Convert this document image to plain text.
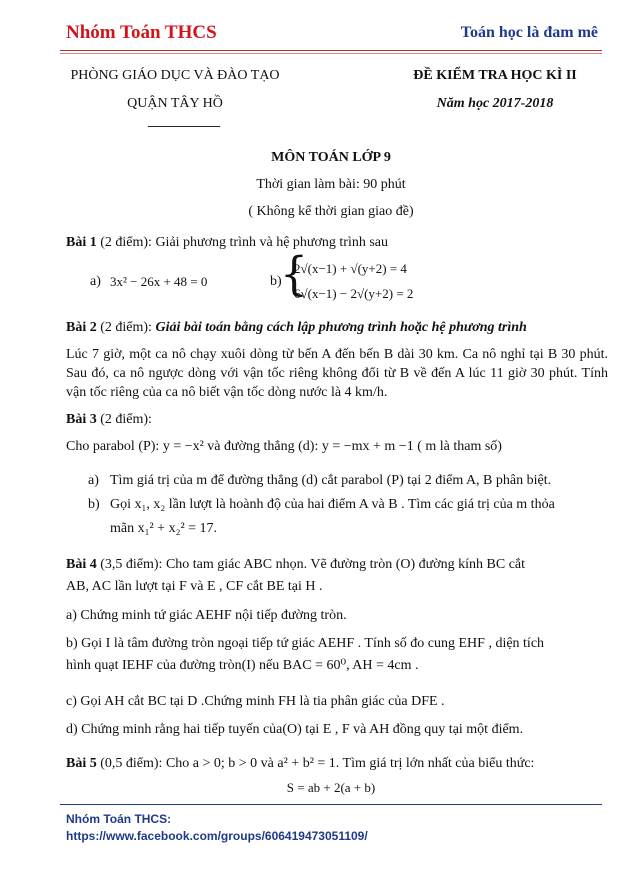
Nhóm Toán THCS	Toán học là đam mê
PHÒNG GIÁO DỤC VÀ ĐÀO TẠO
QUẬN TÂY HỒ
ĐỀ KIỂM TRA HỌC KÌ II
Năm học 2017-2018
MÔN TOÁN LỚP 9
Thời gian làm bài: 90 phút
( Không kể thời gian giao đề)
Bài 1 (2 điểm): Giải phương trình và hệ phương trình sau
a) 3x² − 26x + 48 = 0	b)
{
2√(x−1) + √(y+2) = 4
6√(x−1) − 2√(y+2) = 2
Bài 2 (2 điểm): Giải bài toán bằng cách lập phương trình hoặc hệ phương trình
Lúc 7 giờ, một ca nô chạy xuôi dòng từ bến A đến bến B dài 30 km. Ca nô nghỉ tại B 30 phút. Sau đó, ca nô ngược dòng với vận tốc riêng không đổi từ B về đến A lúc 11 giờ 30 phút. Tính vận tốc riêng của ca nô biết vận tốc dòng nước là 4 km/h.
Bài 3 (2 điểm):
Cho parabol (P): y = −x² và đường thẳng (d): y = −mx + m −1 ( m là tham số)
a) Tìm giá trị của m để đường thẳng (d) cắt parabol (P) tại 2 điểm A, B phân biệt.
b) Gọi x₁, x₂ lần lượt là hoành độ của hai điểm A và B . Tìm các giá trị của m thỏa
mãn x₁² + x₂² = 17.
Bài 4 (3,5 điểm): Cho tam giác ABC nhọn. Vẽ đường tròn (O) đường kính BC cắt
AB, AC lần lượt tại F và E , CF cắt BE tại H .
a) Chứng minh tứ giác AEHF nội tiếp đường tròn.
b) Gọi I là tâm đường tròn ngoại tiếp tứ giác AEHF . Tính số đo cung EHF , diện tích
hình quạt IEHF của đường tròn(I) nếu BAC = 60⁰, AH = 4cm .
c) Gọi AH cắt BC tại D .Chứng minh FH là tia phân giác của DFE .
d) Chứng minh rằng hai tiếp tuyến của(O) tại E , F và AH đồng quy tại một điểm.
Bài 5 (0,5 điểm): Cho a > 0; b > 0 và a² + b² = 1. Tìm giá trị lớn nhất của biểu thức:
S = ab + 2(a + b)
Nhóm Toán THCS:
https://www.facebook.com/groups/606419473051109/
